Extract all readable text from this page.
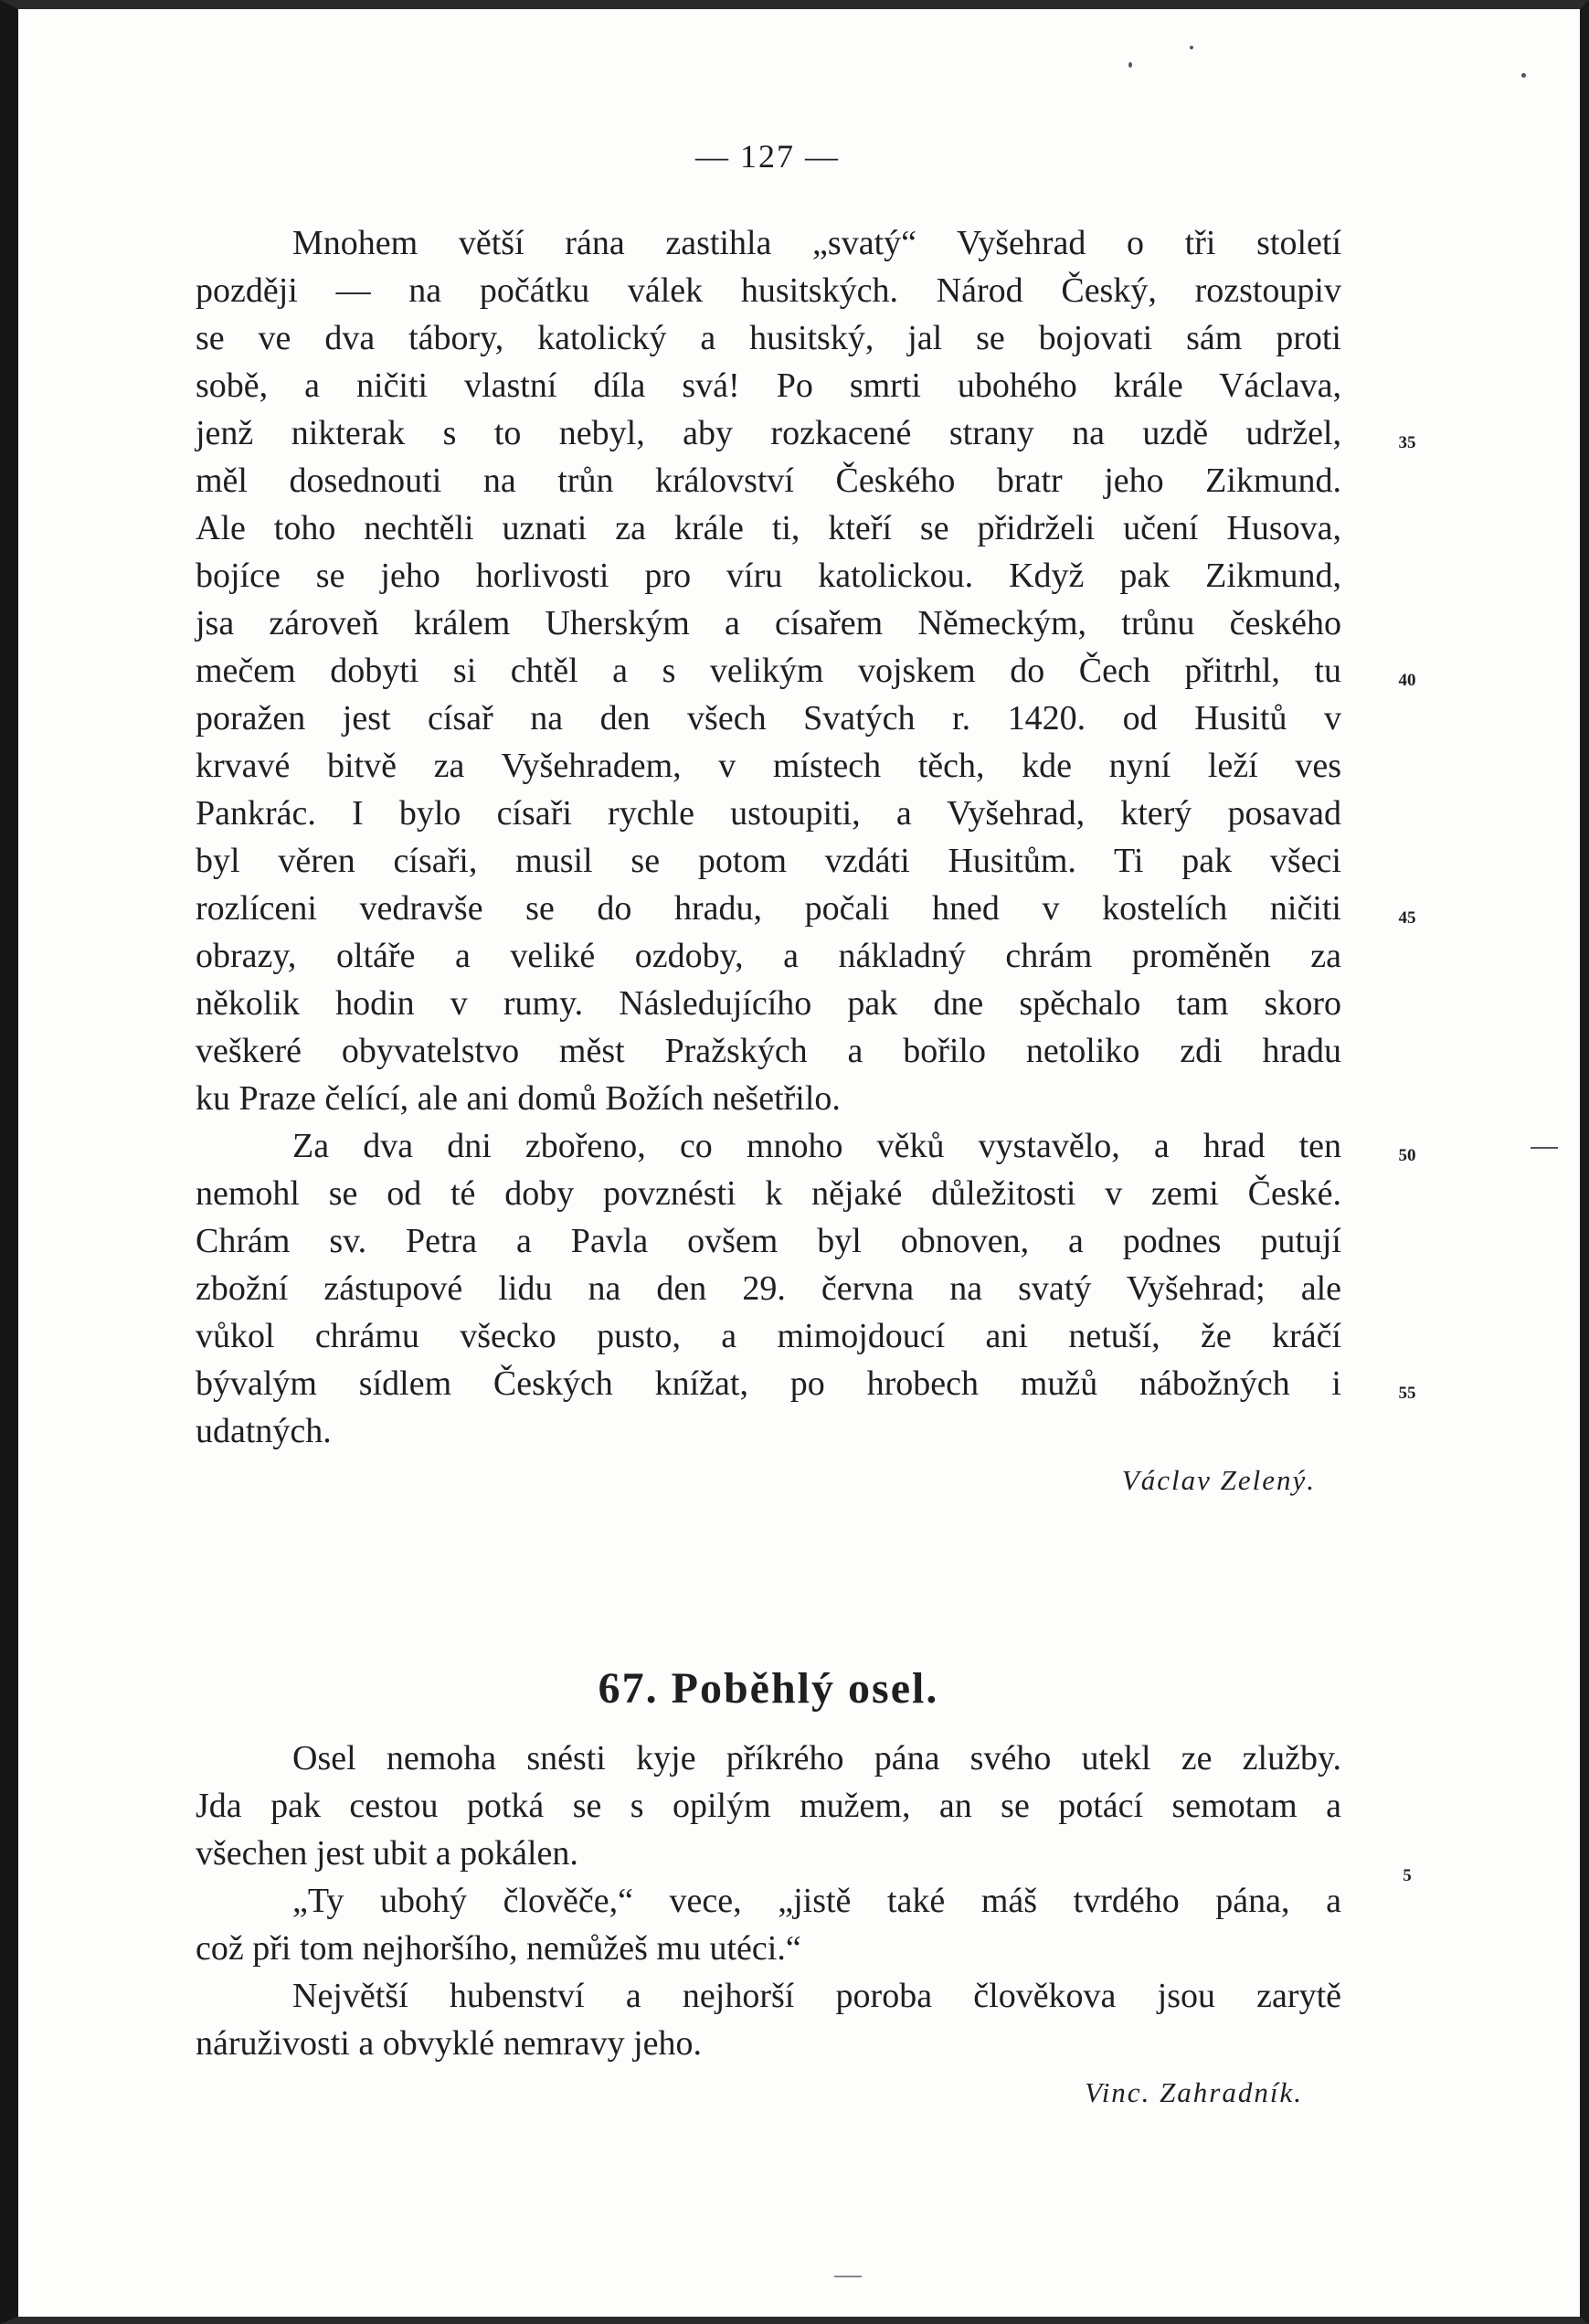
— 127 —
Mnohem větší rána zastihla „svatý“ Vyšehrad o tři století
později — na počátku válek husitských. Národ Český, rozstoupiv
se ve dva tábory, katolický a husitský, jal se bojovati sám proti
sobě, a ničiti vlastní díla svá! Po smrti ubohého krále Václava,
jenž nikterak s to nebyl, aby rozkacené strany na uzdě udržel,
měl dosednouti na trůn království Českého bratr jeho Zikmund.
Ale toho nechtěli uznati za krále ti, kteří se přidrželi učení Husova,
bojíce se jeho horlivosti pro víru katolickou. Když pak Zikmund,
jsa zároveň králem Uherským a císařem Německým, trůnu českého
mečem dobyti si chtěl a s velikým vojskem do Čech přitrhl, tu
poražen jest císař na den všech Svatých r. 1420. od Husitů v
krvavé bitvě za Vyšehradem, v místech těch, kde nyní leží ves
Pankrác. I bylo císaři rychle ustoupiti, a Vyšehrad, který posavad
byl věren císaři, musil se potom vzdáti Husitům. Ti pak všeci
rozlíceni vedravše se do hradu, počali hned v kostelích ničiti
obrazy, oltáře a veliké ozdoby, a nákladný chrám proměněn za
několik hodin v rumy. Následujícího pak dne spěchalo tam skoro
veškeré obyvatelstvo měst Pražských a bořilo netoliko zdi hradu
ku Praze čelící, ale ani domů Božích nešetřilo.
Za dva dni zbořeno, co mnoho věků vystavělo, a hrad ten
nemohl se od té doby povznésti k nějaké důležitosti v zemi České.
Chrám sv. Petra a Pavla ovšem byl obnoven, a podnes putují
zbožní zástupové lidu na den 29. června na svatý Vyšehrad; ale
vůkol chrámu všecko pusto, a mimojdoucí ani netuší, že kráčí
bývalým sídlem Českých knížat, po hrobech mužů nábožných i
udatných.
Václav Zelený.
67. Poběhlý osel.
Osel nemoha snésti kyje příkrého pána svého utekl ze zlužby.
Jda pak cestou potká se s opilým mužem, an se potácí semotam a
všechen jest ubit a pokálen.
„Ty ubohý člověče,“ vece, „jistě také máš tvrdého pána, a
což při tom nejhoršího, nemůžeš mu utéci.“
Největší hubenství a nejhorší poroba člověkova jsou zarytě
náruživosti a obvyklé nemravy jeho.
Vinc. Zahradník.
35
40
45
50
55
5
